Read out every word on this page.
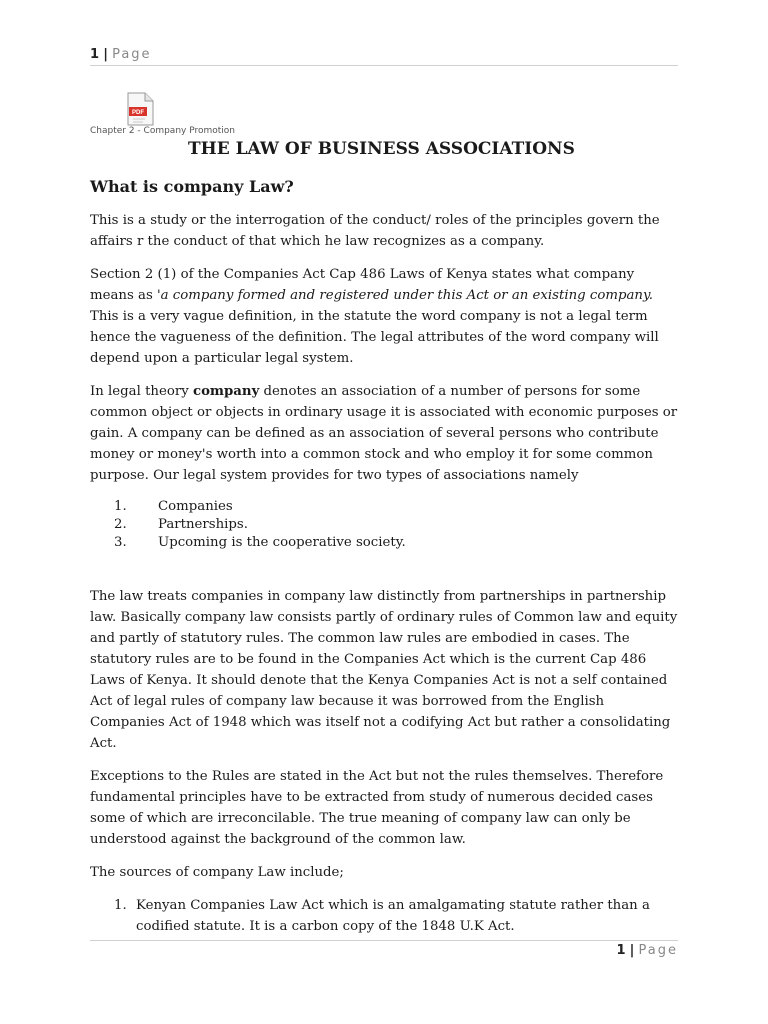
1 | Page
PDF
Chapter 2 - Company Promotion
THE LAW OF BUSINESS ASSOCIATIONS
What is company Law?

This is a study or the interrogation of the conduct/ roles of the principles govern the affairs r the conduct of that which he law recognizes as a company.

Section 2 (1) of the Companies Act Cap 486 Laws of Kenya states what company means as 'a company formed and registered under this Act or an existing company. This is a very vague definition, in the statute the word company is not a legal term hence the vagueness of the definition. The legal attributes of the word company will depend upon a particular legal system.

In legal theory company denotes an association of a number of persons for some common object or objects in ordinary usage it is associated with economic purposes or gain. A company can be defined as an association of several persons who contribute money or money's worth into a common stock and who employ it for some common purpose. Our legal system provides for two types of associations namely

1. Companies
2. Partnerships.
3. Upcoming is the cooperative society.

The law treats companies in company law distinctly from partnerships in partnership law. Basically company law consists partly of ordinary rules of Common law and equity and partly of statutory rules. The common law rules are embodied in cases. The statutory rules are to be found in the Companies Act which is the current Cap 486 Laws of Kenya. It should denote that the Kenya Companies Act is not a self contained Act of legal rules of company law because it was borrowed from the English Companies Act of 1948 which was itself not a codifying Act but rather a consolidating Act.

Exceptions to the Rules are stated in the Act but not the rules themselves. Therefore fundamental principles have to be extracted from study of numerous decided cases some of which are irreconcilable. The true meaning of company law can only be understood against the background of the common law.

The sources of company Law include;

1. Kenyan Companies Law Act which is an amalgamating statute rather than a codified statute. It is a carbon copy of the 1848 U.K Act.
1 | Page
